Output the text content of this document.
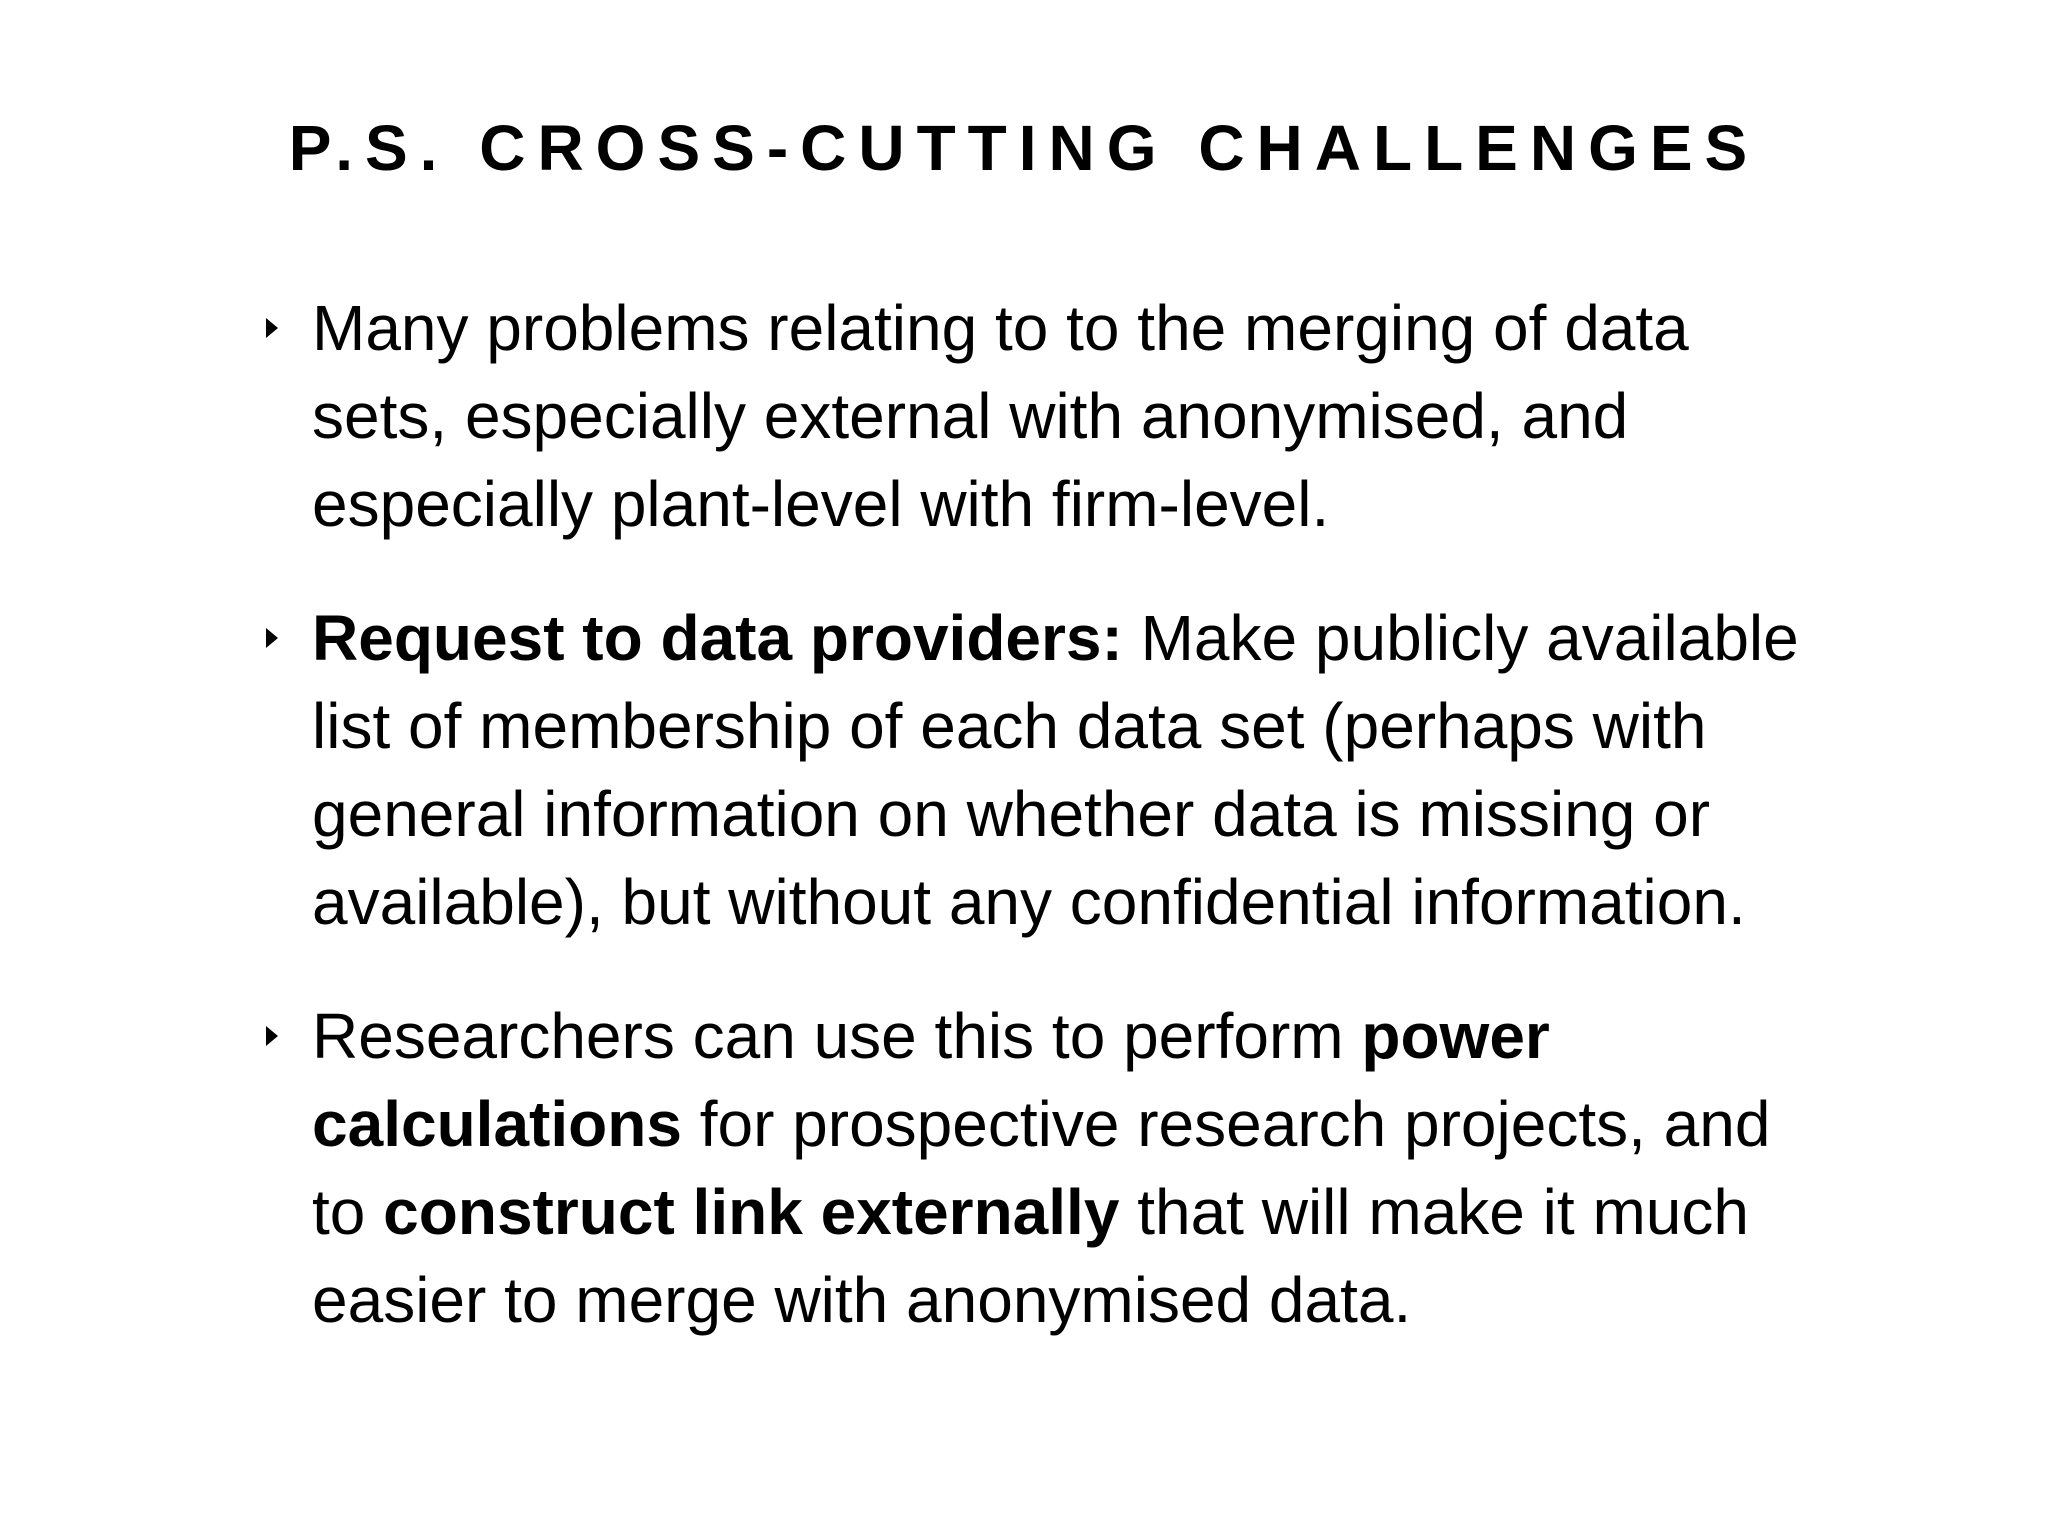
P.S. CROSS-CUTTING CHALLENGES
Many problems relating to to the merging of data sets, especially external with anonymised, and especially plant-level with firm-level.
Request to data providers: Make publicly available list of membership of each data set (perhaps with general information on whether data is missing or available), but without any confidential information.
Researchers can use this to perform power calculations for prospective research projects, and to construct link externally that will make it much easier to merge with anonymised data.
